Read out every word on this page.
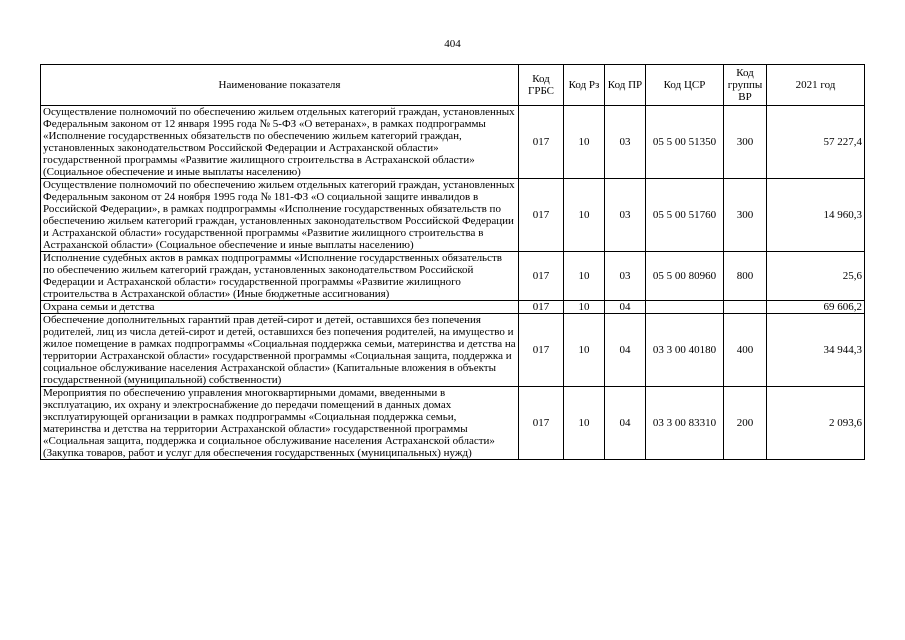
404
Наименование показателя	Код ГРБС	Код Рз	Код ПР	Код ЦСР	Код группы ВР	2021 год
Осуществление полномочий по обеспечению жильем отдельных категорий граждан, установленных Федеральным законом от 12 января 1995 года № 5-ФЗ «О ветеранах», в рамках подпрограммы «Исполнение государственных обязательств по обеспечению жильем категорий граждан, установленных законодательством Российской Федерации и Астраханской области» государственной программы «Развитие жилищного строительства в Астраханской области» (Социальное обеспечение и иные выплаты населению)	017	10	03	05 5 00 51350	300	57 227,4
Осуществление полномочий по обеспечению жильем отдельных категорий граждан, установленных Федеральным законом от 24 ноября 1995 года № 181-ФЗ «О социальной защите инвалидов в Российской Федерации», в рамках подпрограммы «Исполнение государственных обязательств по обеспечению жильем категорий граждан, установленных законодательством Российской Федерации и Астраханской области» государственной программы «Развитие жилищного строительства в Астраханской области» (Социальное обеспечение и иные выплаты населению)	017	10	03	05 5 00 51760	300	14 960,3
Исполнение судебных актов в рамках подпрограммы «Исполнение государственных обязательств по обеспечению жильем категорий граждан, установленных законодательством Российской Федерации и Астраханской области» государственной программы «Развитие жилищного строительства в Астраханской области» (Иные бюджетные ассигнования)	017	10	03	05 5 00 80960	800	25,6
Охрана семьи и детства	017	10	04			69 606,2
Обеспечение дополнительных гарантий прав детей-сирот и детей, оставшихся без попечения родителей, лиц из числа детей-сирот и детей, оставшихся без попечения родителей, на имущество и жилое помещение в рамках подпрограммы «Социальная поддержка семьи, материнства и детства на территории Астраханской области» государственной программы «Социальная защита, поддержка и социальное обслуживание населения Астраханской области» (Капитальные вложения в объекты государственной (муниципальной) собственности)	017	10	04	03 3 00 40180	400	34 944,3
Мероприятия по обеспечению управления многоквартирными домами, введенными в эксплуатацию, их охрану и электроснабжение до передачи помещений в данных домах эксплуатирующей организации в рамках подпрограммы «Социальная поддержка семьи, материнства и детства на территории Астраханской области» государственной программы «Социальная защита, поддержка и социальное обслуживание населения Астраханской области» (Закупка товаров, работ и услуг для обеспечения государственных (муниципальных) нужд)	017	10	04	03 3 00 83310	200	2 093,6
